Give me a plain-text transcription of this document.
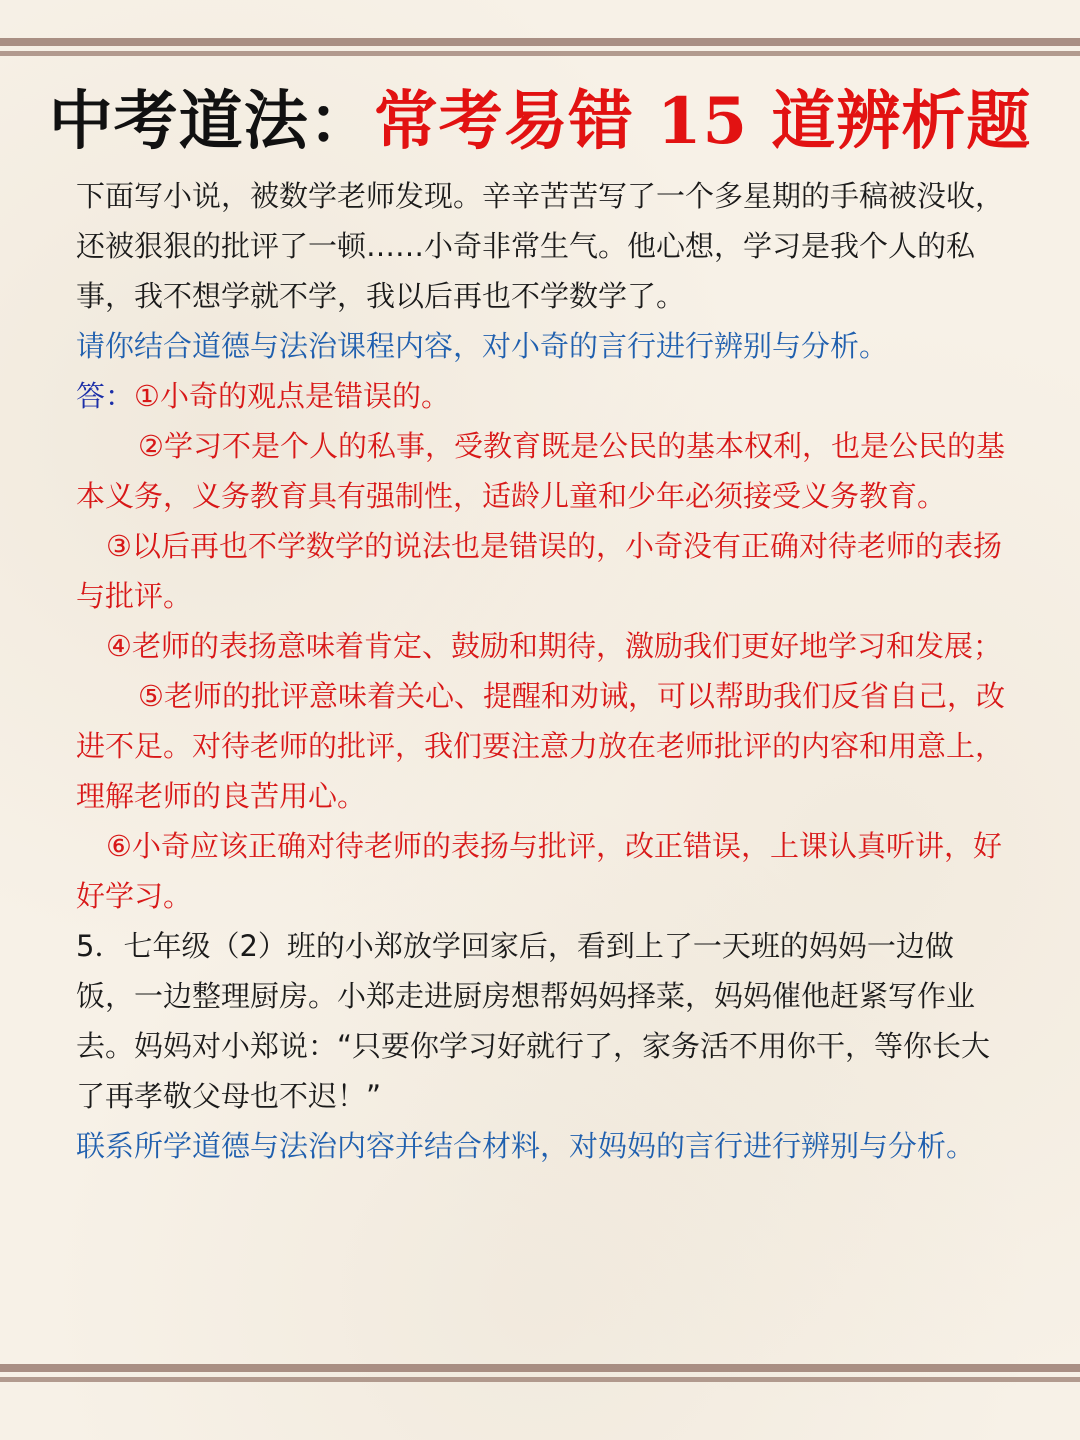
中考道法：常考易错 15 道辨析题

下面写小说，被数学老师发现。辛辛苦苦写了一个多星期的手稿被没收，还被狠狠的批评了一顿……小奇非常生气。他心想，学习是我个人的私事，我不想学就不学，我以后再也不学数学了。

请你结合道德与法治课程内容，对小奇的言行进行辨别与分析。

答：①小奇的观点是错误的。

②学习不是个人的私事，受教育既是公民的基本权利，也是公民的基本义务，义务教育具有强制性，适龄儿童和少年必须接受义务教育。

③以后再也不学数学的说法也是错误的，小奇没有正确对待老师的表扬与批评。

④老师的表扬意味着肯定、鼓励和期待，激励我们更好地学习和发展；

⑤老师的批评意味着关心、提醒和劝诫，可以帮助我们反省自己，改进不足。对待老师的批评，我们要注意力放在老师批评的内容和用意上，理解老师的良苦用心。

⑥小奇应该正确对待老师的表扬与批评，改正错误，上课认真听讲，好好学习。

5．七年级（2）班的小郑放学回家后，看到上了一天班的妈妈一边做饭，一边整理厨房。小郑走进厨房想帮妈妈择菜，妈妈催他赶紧写作业去。妈妈对小郑说：“只要你学习好就行了，家务活不用你干，等你长大了再孝敬父母也不迟！”

联系所学道德与法治内容并结合材料，对妈妈的言行进行辨别与分析。
